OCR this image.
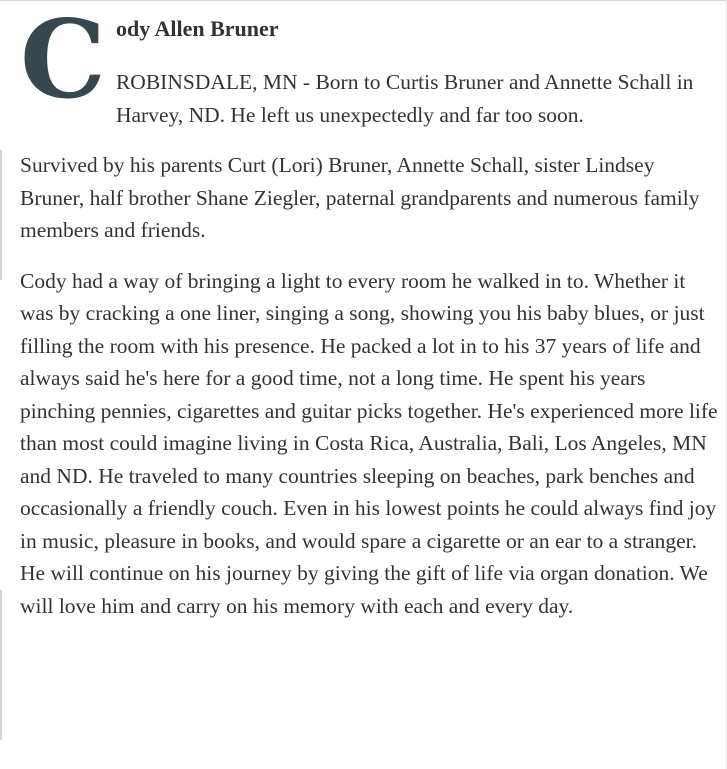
C ody Allen Bruner

ROBINSDALE, MN - Born to Curtis Bruner and Annette Schall in Harvey, ND. He left us unexpectedly and far too soon.

Survived by his parents Curt (Lori) Bruner, Annette Schall, sister Lindsey Bruner, half brother Shane Ziegler, paternal grandparents and numerous family members and friends.

Cody had a way of bringing a light to every room he walked in to. Whether it was by cracking a one liner, singing a song, showing you his baby blues, or just filling the room with his presence. He packed a lot in to his 37 years of life and always said he's here for a good time, not a long time. He spent his years pinching pennies, cigarettes and guitar picks together. He's experienced more life than most could imagine living in Costa Rica, Australia, Bali, Los Angeles, MN and ND. He traveled to many countries sleeping on beaches, park benches and occasionally a friendly couch. Even in his lowest points he could always find joy in music, pleasure in books, and would spare a cigarette or an ear to a stranger. He will continue on his journey by giving the gift of life via organ donation. We will love him and carry on his memory with each and every day.
